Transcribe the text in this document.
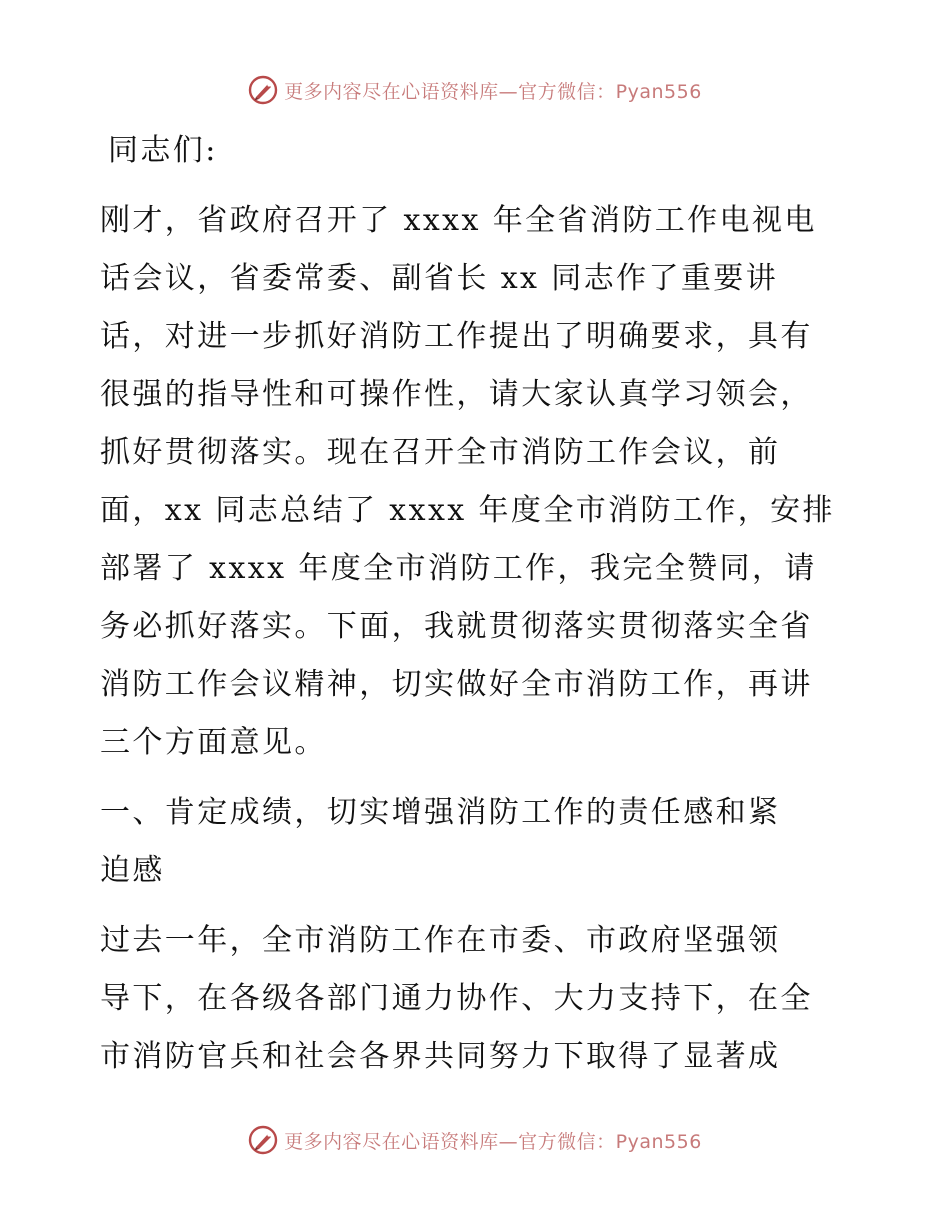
更多内容尽在心语资料库—官方微信：Pyan556

同志们:

刚才，省政府召开了 xxxx 年全省消防工作电视电
话会议，省委常委、副省长 xx 同志作了重要讲
话，对进一步抓好消防工作提出了明确要求，具有
很强的指导性和可操作性，请大家认真学习领会，
抓好贯彻落实。现在召开全市消防工作会议，前
面，xx 同志总结了 xxxx 年度全市消防工作，安排
部署了 xxxx 年度全市消防工作，我完全赞同，请
务必抓好落实。下面，我就贯彻落实贯彻落实全省
消防工作会议精神，切实做好全市消防工作，再讲
三个方面意见。

一、肯定成绩，切实增强消防工作的责任感和紧
迫感

过去一年，全市消防工作在市委、市政府坚强领
导下，在各级各部门通力协作、大力支持下，在全
市消防官兵和社会各界共同努力下取得了显著成

更多内容尽在心语资料库—官方微信：Pyan556
